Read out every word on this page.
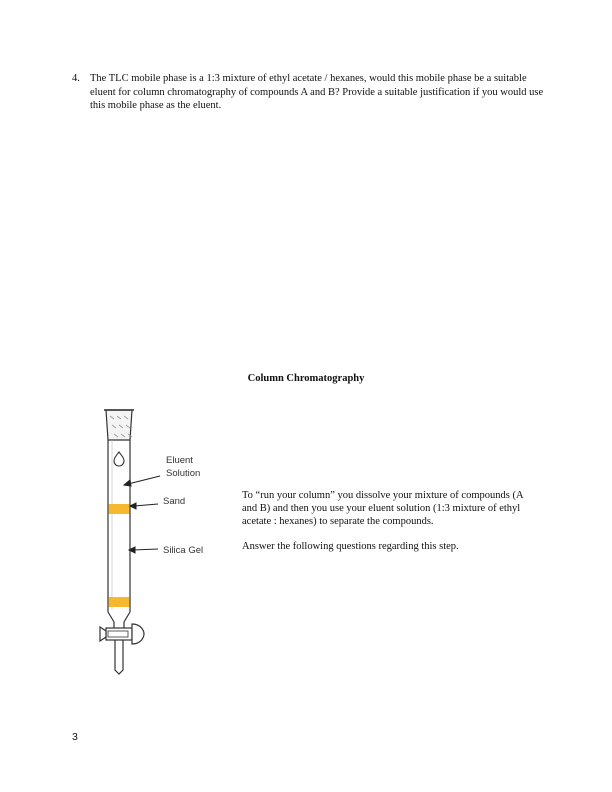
4. The TLC mobile phase is a 1:3 mixture of ethyl acetate / hexanes, would this mobile phase be a suitable eluent for column chromatography of compounds A and B? Provide a suitable justification if you would use this mobile phase as the eluent.
Column Chromatography
Eluent
Solution
Sand
Silica Gel
To “run your column” you dissolve your mixture of compounds (A and B) and then you use your eluent solution (1:3 mixture of ethyl acetate : hexanes) to separate the compounds.
Answer the following questions regarding this step.
3
